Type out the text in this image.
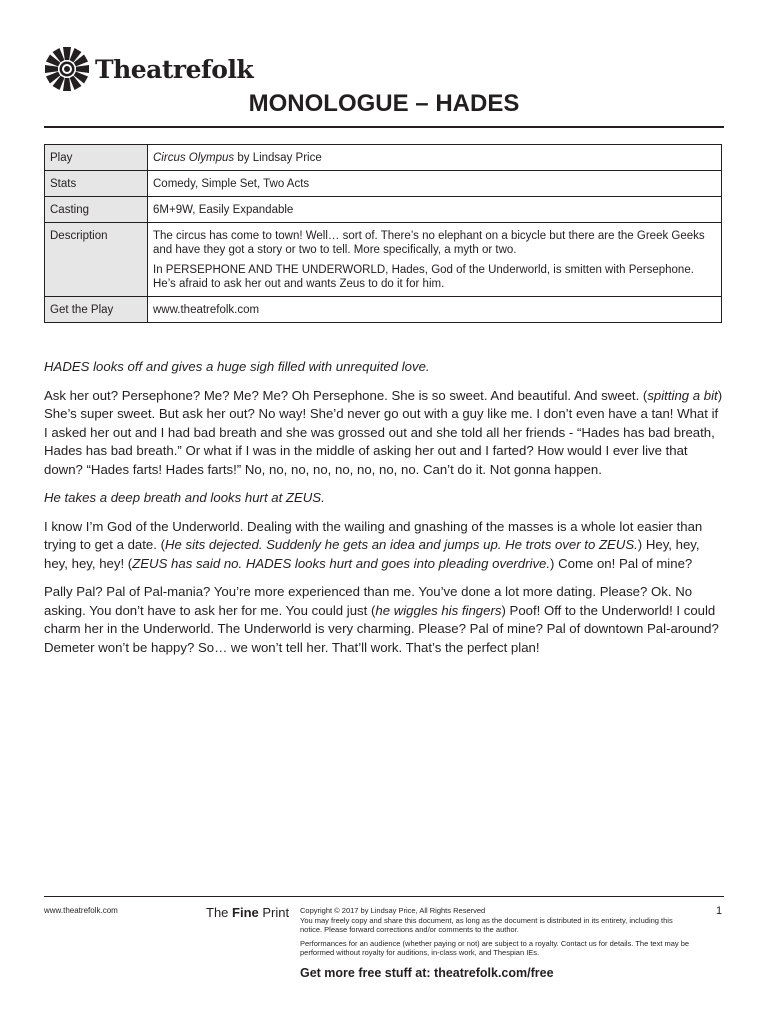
Theatrefolk
MONOLOGUE – HADES
Play	Circus Olympus by Lindsay Price
Stats	Comedy, Simple Set, Two Acts
Casting	6M+9W, Easily Expandable
Description	The circus has come to town! Well… sort of. There’s no elephant on a bicycle but there are the Greek Geeks and have they got a story or two to tell. More specifically, a myth or two.

In PERSEPHONE AND THE UNDERWORLD, Hades, God of the Underworld, is smitten with Persephone. He’s afraid to ask her out and wants Zeus to do it for him.

Get the Play	www.theatrefolk.com

HADES looks off and gives a huge sigh filled with unrequited love.

Ask her out? Persephone? Me? Me? Me? Oh Persephone. She is so sweet. And beautiful. And sweet. (spitting a bit) She’s super sweet. But ask her out? No way! She’d never go out with a guy like me. I don’t even have a tan! What if I asked her out and I had bad breath and she was grossed out and she told all her friends - “Hades has bad breath, Hades has bad breath.” Or what if I was in the middle of asking her out and I farted? How would I ever live that down? “Hades farts! Hades farts!” No, no, no, no, no, no, no, no. Can’t do it. Not gonna happen.

He takes a deep breath and looks hurt at ZEUS.

I know I’m God of the Underworld. Dealing with the wailing and gnashing of the masses is a whole lot easier than trying to get a date. (He sits dejected. Suddenly he gets an idea and jumps up. He trots over to ZEUS.) Hey, hey, hey, hey, hey! (ZEUS has said no. HADES looks hurt and goes into pleading overdrive.) Come on! Pal of mine?

Pally Pal? Pal of Pal-mania? You’re more experienced than me. You’ve done a lot more dating. Please? Ok. No asking. You don’t have to ask her for me. You could just (he wiggles his fingers) Poof! Off to the Underworld! I could charm her in the Underworld. The Underworld is very charming. Please? Pal of mine? Pal of downtown Pal-around? Demeter won’t be happy? So… we won’t tell her. That’ll work. That’s the perfect plan!

www.theatrefolk.com	The Fine Print Copyright © 2017 by Lindsay Price, All Rights Reserved

You may freely copy and share this document, as long as the document is distributed in its entirety, including this notice. Please forward corrections and/or comments to the author.

Performances for an audience (whether paying or not) are subject to a royalty. Contact us for details. The text may be performed without royalty for auditions, in-class work, and Thespian IEs.

1
Get more free stuff at: theatrefolk.com/free
